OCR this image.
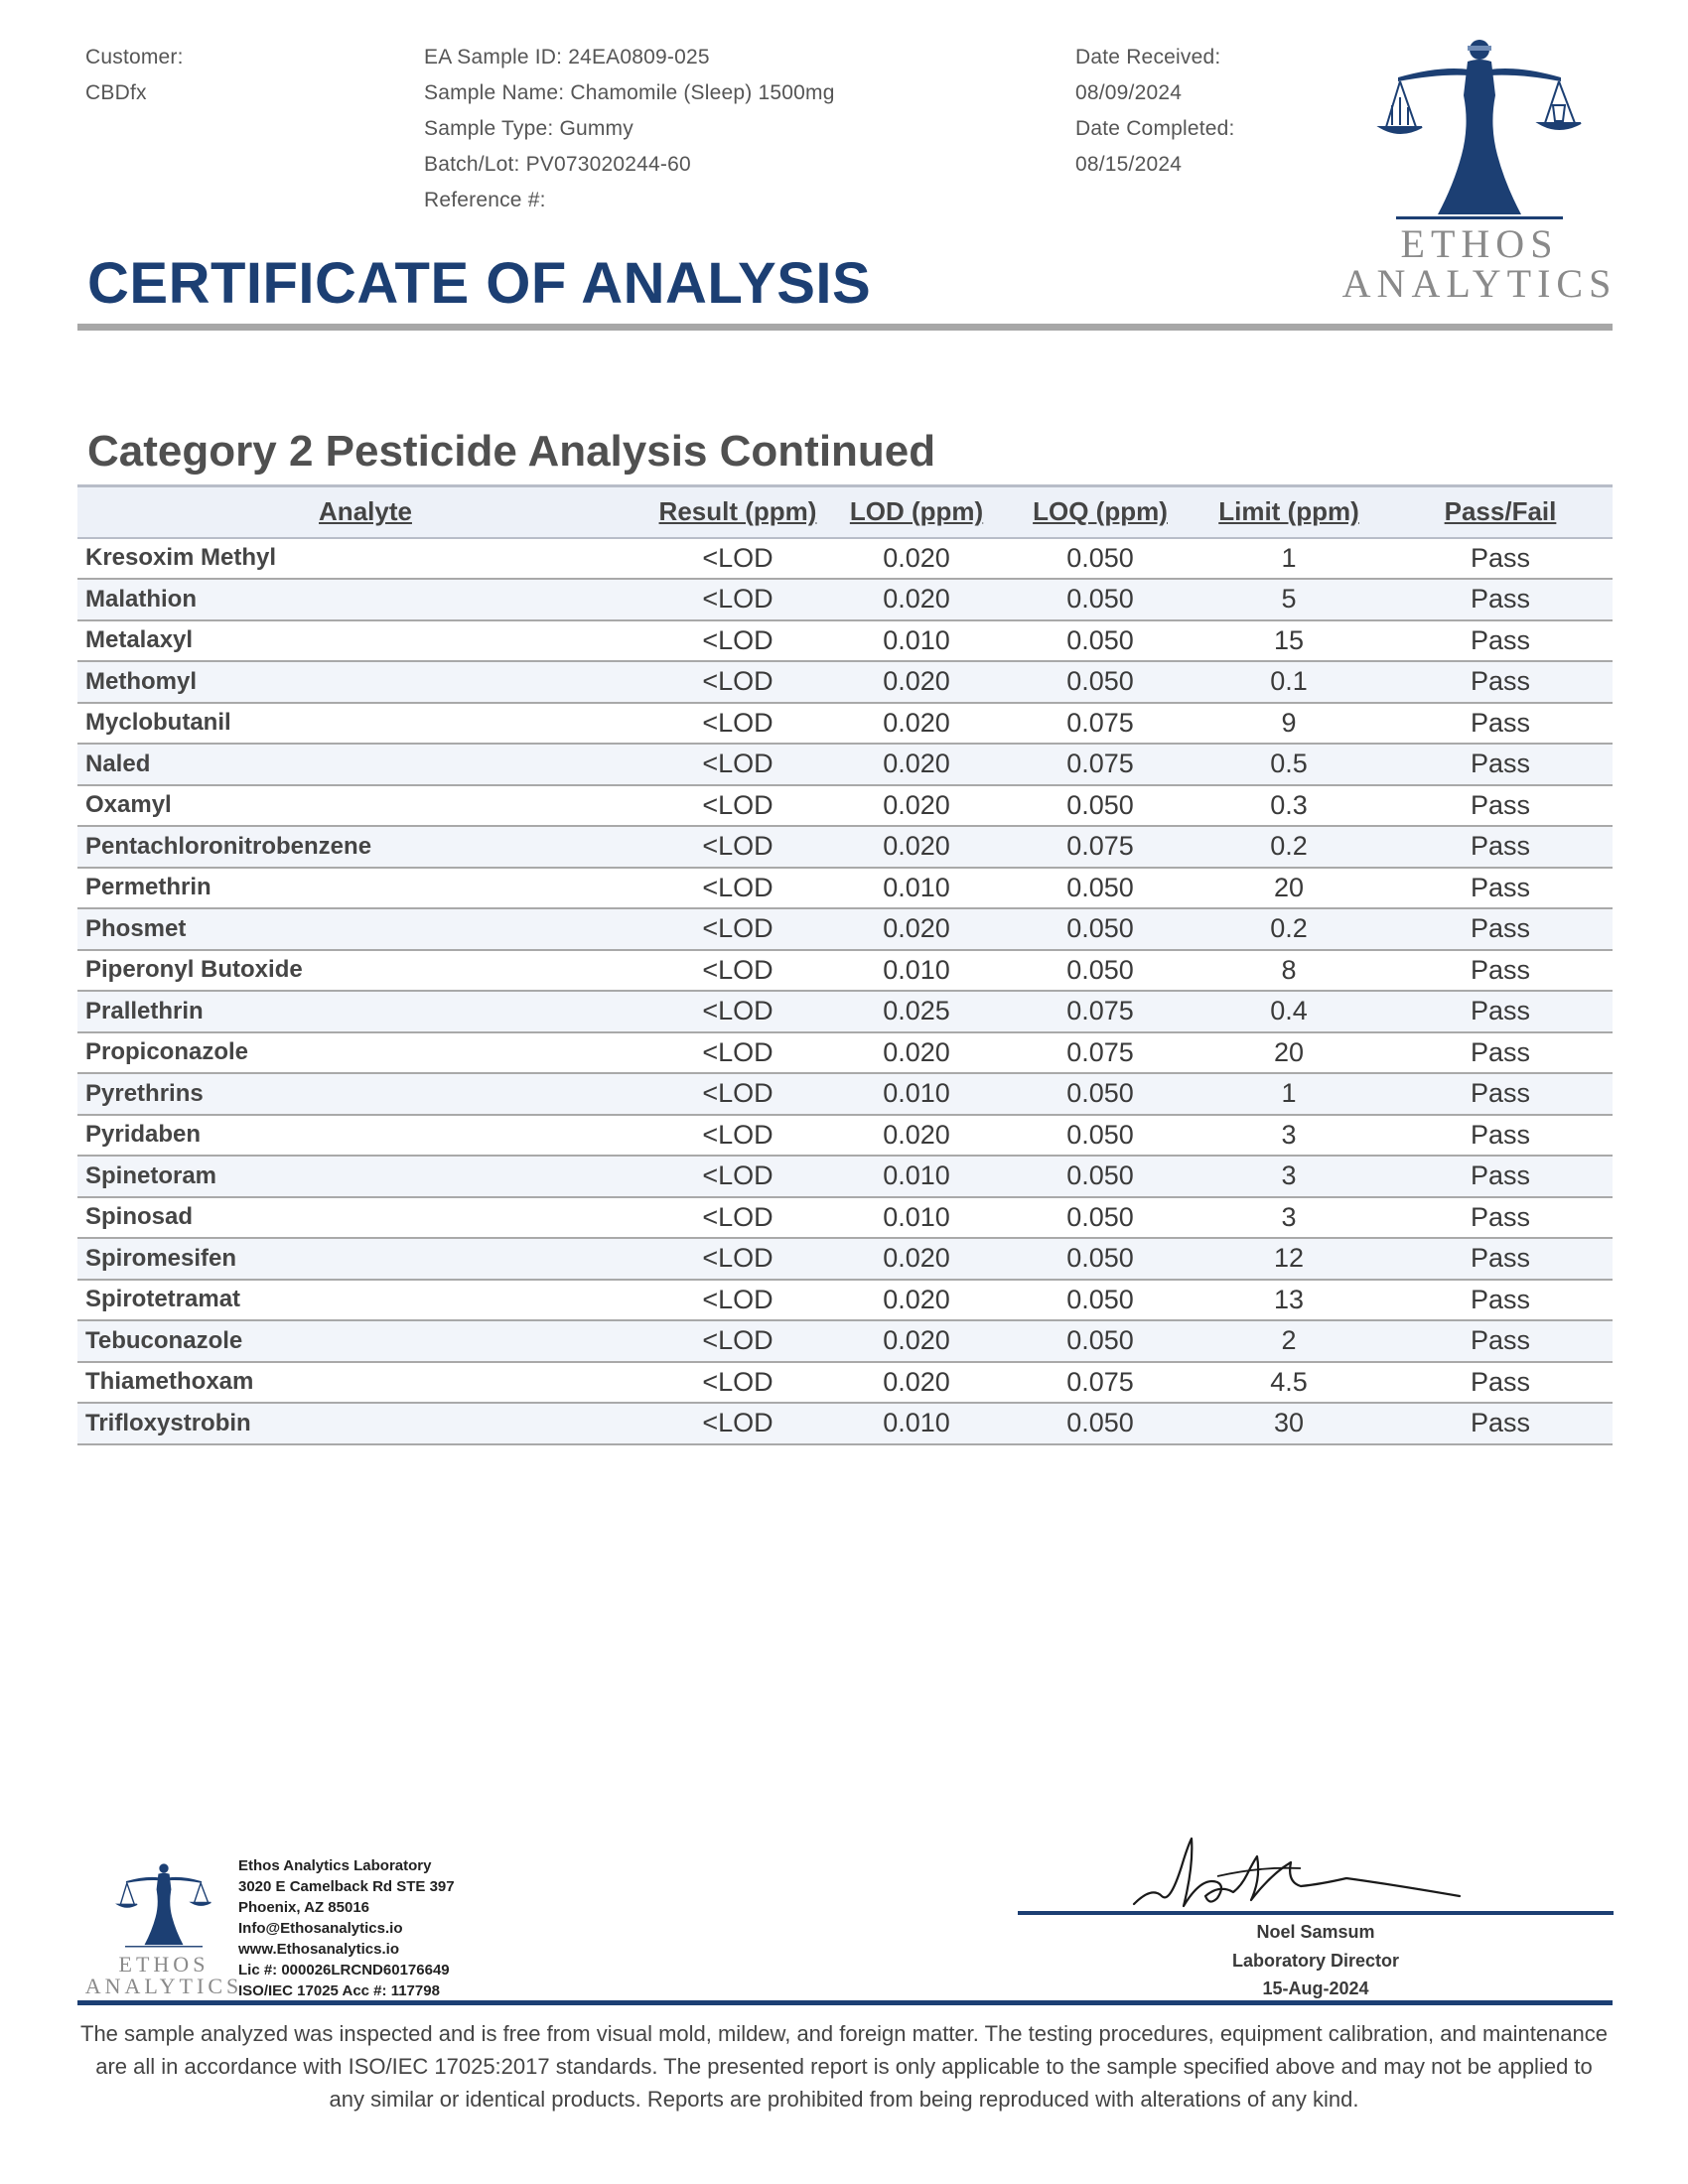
Customer:
CBDfx
EA Sample ID: 24EA0809-025
Sample Name: Chamomile (Sleep) 1500mg
Sample Type: Gummy
Batch/Lot: PV073020244-60
Reference #:
Date Received:
08/09/2024
Date Completed:
08/15/2024
ETHOS
ANALYTICS
CERTIFICATE OF ANALYSIS
Category 2 Pesticide Analysis Continued
Analyte	Result (ppm)	LOD (ppm)	LOQ (ppm)	Limit (ppm)	Pass/Fail
Kresoxim Methyl	<LOD	0.020	0.050	1	Pass
Malathion	<LOD	0.020	0.050	5	Pass
Metalaxyl	<LOD	0.010	0.050	15	Pass
Methomyl	<LOD	0.020	0.050	0.1	Pass
Myclobutanil	<LOD	0.020	0.075	9	Pass
Naled	<LOD	0.020	0.075	0.5	Pass
Oxamyl	<LOD	0.020	0.050	0.3	Pass
Pentachloronitrobenzene	<LOD	0.020	0.075	0.2	Pass
Permethrin	<LOD	0.010	0.050	20	Pass
Phosmet	<LOD	0.020	0.050	0.2	Pass
Piperonyl Butoxide	<LOD	0.010	0.050	8	Pass
Prallethrin	<LOD	0.025	0.075	0.4	Pass
Propiconazole	<LOD	0.020	0.075	20	Pass
Pyrethrins	<LOD	0.010	0.050	1	Pass
Pyridaben	<LOD	0.020	0.050	3	Pass
Spinetoram	<LOD	0.010	0.050	3	Pass
Spinosad	<LOD	0.010	0.050	3	Pass
Spiromesifen	<LOD	0.020	0.050	12	Pass
Spirotetramat	<LOD	0.020	0.050	13	Pass
Tebuconazole	<LOD	0.020	0.050	2	Pass
Thiamethoxam	<LOD	0.020	0.075	4.5	Pass
Trifloxystrobin	<LOD	0.010	0.050	30	Pass
ETHOS
ANALYTICS
Ethos Analytics Laboratory
3020 E Camelback Rd STE 397
Phoenix, AZ 85016
Info@Ethosanalytics.io
www.Ethosanalytics.io
Lic #: 000026LRCND60176649
ISO/IEC 17025 Acc #: 117798
Noel Samsum
Laboratory Director
15-Aug-2024
The sample analyzed was inspected and is free from visual mold, mildew, and foreign matter. The testing procedures, equipment calibration, and maintenance are all in accordance with ISO/IEC 17025:2017 standards. The presented report is only applicable to the sample specified above and may not be applied to any similar or identical products. Reports are prohibited from being reproduced with alterations of any kind.
